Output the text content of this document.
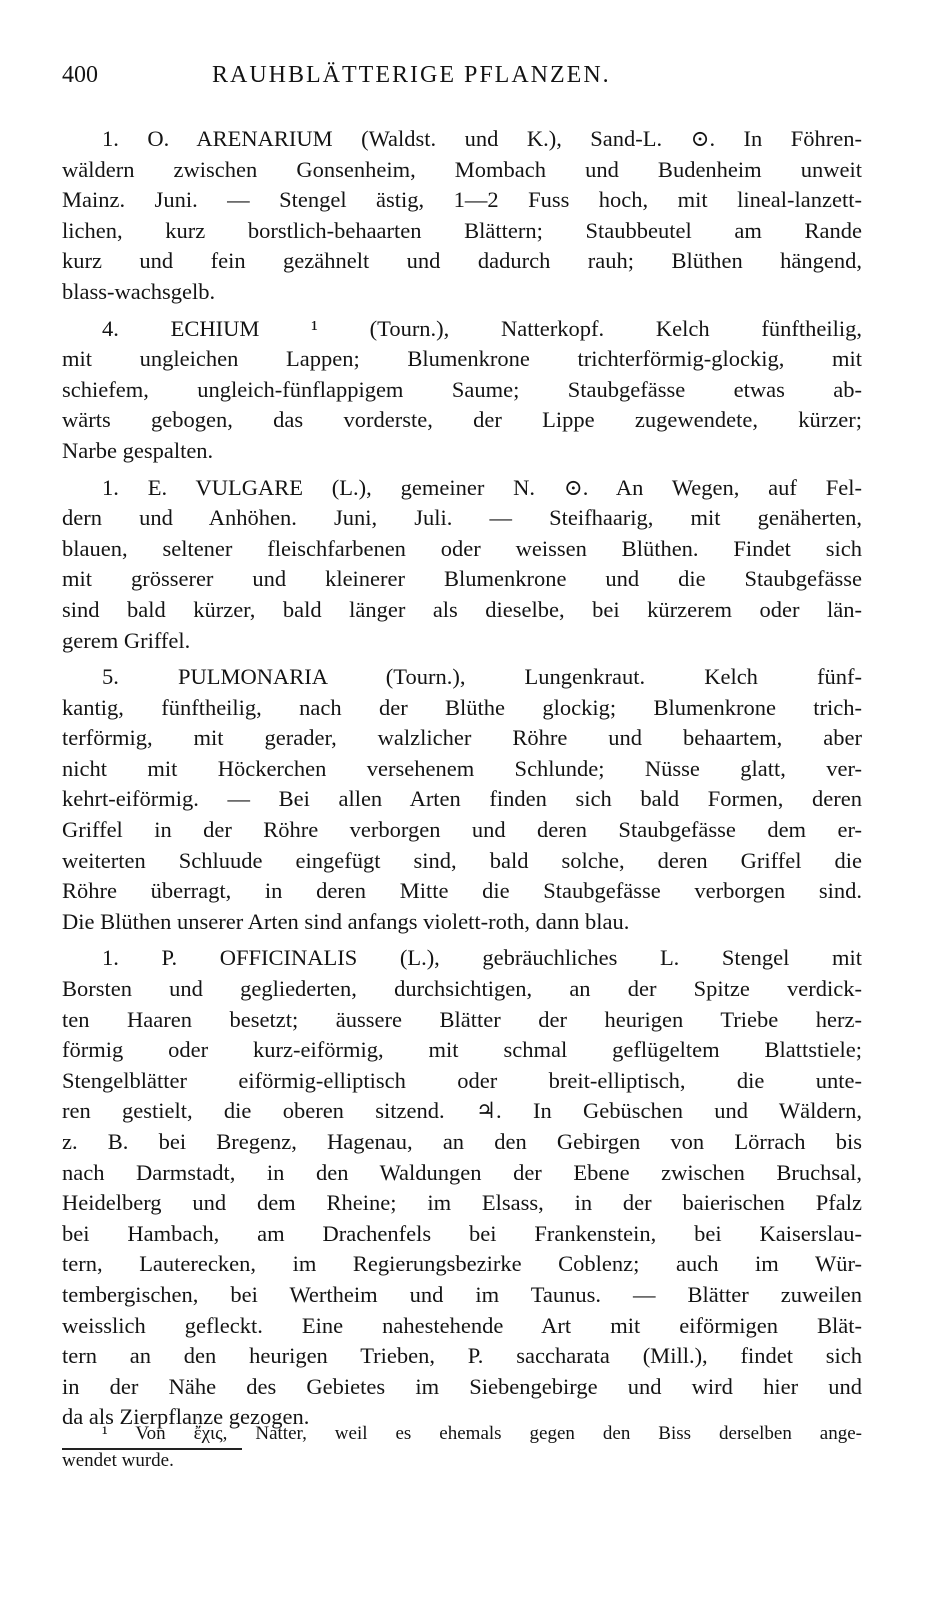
400	RAUHBLÄTTERIGE PFLANZEN.
1. O. ARENARIUM (Waldst. und K.), Sand-L. ⊙. In Föhren-
wäldern zwischen Gonsenheim, Mombach und Budenheim unweit
Mainz. Juni. — Stengel ästig, 1—2 Fuss hoch, mit lineal-lanzett-
lichen, kurz borstlich-behaarten Blättern; Staubbeutel am Rande
kurz und fein gezähnelt und dadurch rauh; Blüthen hängend,
blass-wachsgelb.
4. ECHIUM ¹ (Tourn.), Natterkopf. Kelch fünftheilig,
mit ungleichen Lappen; Blumenkrone trichterförmig-glockig, mit
schiefem, ungleich-fünflappigem Saume; Staubgefässe etwas ab-
wärts gebogen, das vorderste, der Lippe zugewendete, kürzer;
Narbe gespalten.
1. E. VULGARE (L.), gemeiner N. ⊙. An Wegen, auf Fel-
dern und Anhöhen. Juni, Juli. — Steifhaarig, mit genäherten,
blauen, seltener fleischfarbenen oder weissen Blüthen. Findet sich
mit grösserer und kleinerer Blumenkrone und die Staubgefässe
sind bald kürzer, bald länger als dieselbe, bei kürzerem oder län-
gerem Griffel.
5. PULMONARIA (Tourn.), Lungenkraut. Kelch fünf-
kantig, fünftheilig, nach der Blüthe glockig; Blumenkrone trich-
terförmig, mit gerader, walzlicher Röhre und behaartem, aber
nicht mit Höckerchen versehenem Schlunde; Nüsse glatt, ver-
kehrt-eiförmig. — Bei allen Arten finden sich bald Formen, deren
Griffel in der Röhre verborgen und deren Staubgefässe dem er-
weiterten Schluude eingefügt sind, bald solche, deren Griffel die
Röhre überragt, in deren Mitte die Staubgefässe verborgen sind.
Die Blüthen unserer Arten sind anfangs violett-roth, dann blau.
1. P. OFFICINALIS (L.), gebräuchliches L. Stengel mit
Borsten und gegliederten, durchsichtigen, an der Spitze verdick-
ten Haaren besetzt; äussere Blätter der heurigen Triebe herz-
förmig oder kurz-eiförmig, mit schmal geflügeltem Blattstiele;
Stengelblätter eiförmig-elliptisch oder breit-elliptisch, die unte-
ren gestielt, die oberen sitzend. ♃. In Gebüschen und Wäldern,
z. B. bei Bregenz, Hagenau, an den Gebirgen von Lörrach bis
nach Darmstadt, in den Waldungen der Ebene zwischen Bruchsal,
Heidelberg und dem Rheine; im Elsass, in der baierischen Pfalz
bei Hambach, am Drachenfels bei Frankenstein, bei Kaiserslau-
tern, Lauterecken, im Regierungsbezirke Coblenz; auch im Wür-
tembergischen, bei Wertheim und im Taunus. — Blätter zuweilen
weisslich gefleckt. Eine nahestehende Art mit eiförmigen Blät-
tern an den heurigen Trieben, P. saccharata (Mill.), findet sich
in der Nähe des Gebietes im Siebengebirge und wird hier und
da als Zierpflanze gezogen.
¹ Von ἔχις, Natter, weil es ehemals gegen den Biss derselben ange-
wendet wurde.
